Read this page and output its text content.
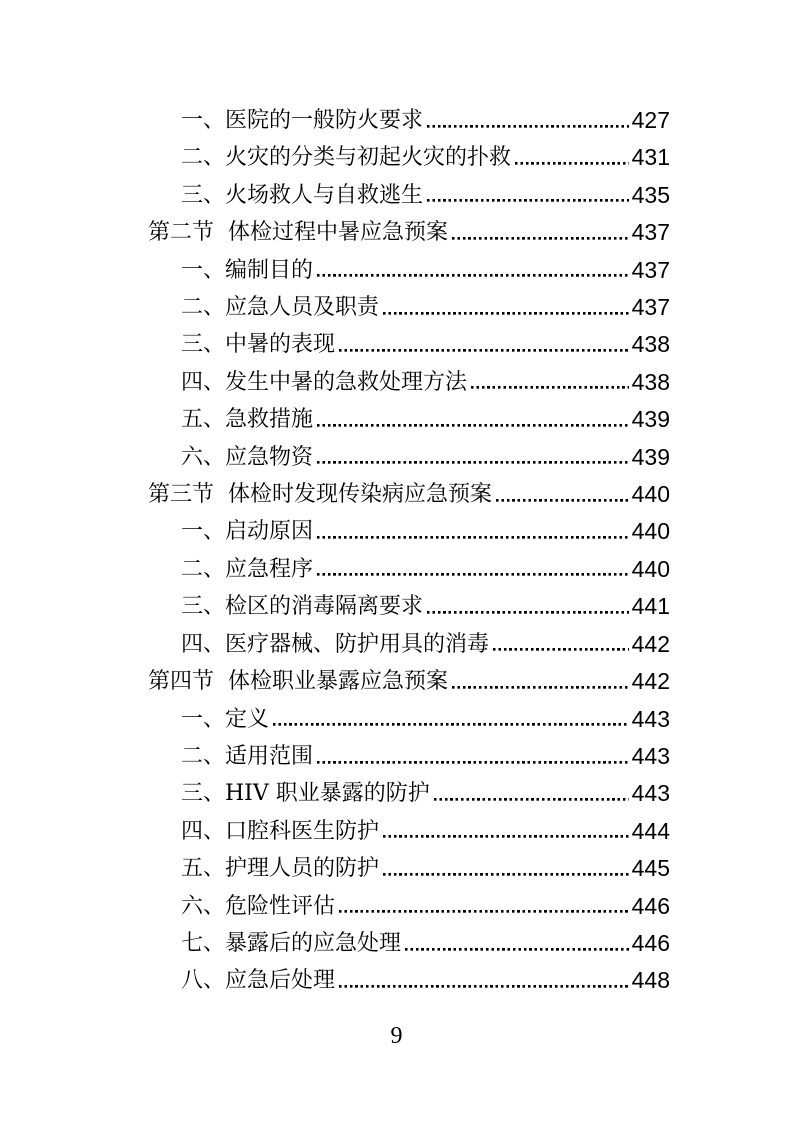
一、医院的一般防火要求	427
二、火灾的分类与初起火灾的扑救	431
三、火场救人与自救逃生	435
第二节 体检过程中暑应急预案	437
一、编制目的	437
二、应急人员及职责	437
三、中暑的表现	438
四、发生中暑的急救处理方法	438
五、急救措施	439
六、应急物资	439
第三节 体检时发现传染病应急预案	440
一、启动原因	440
二、应急程序	440
三、检区的消毒隔离要求	441
四、医疗器械、防护用具的消毒	442
第四节 体检职业暴露应急预案	442
一、定义	443
二、适用范围	443
三、HIV 职业暴露的防护	443
四、口腔科医生防护	444
五、护理人员的防护	445
六、危险性评估	446
七、暴露后的应急处理	446
八、应急后处理	448
9
